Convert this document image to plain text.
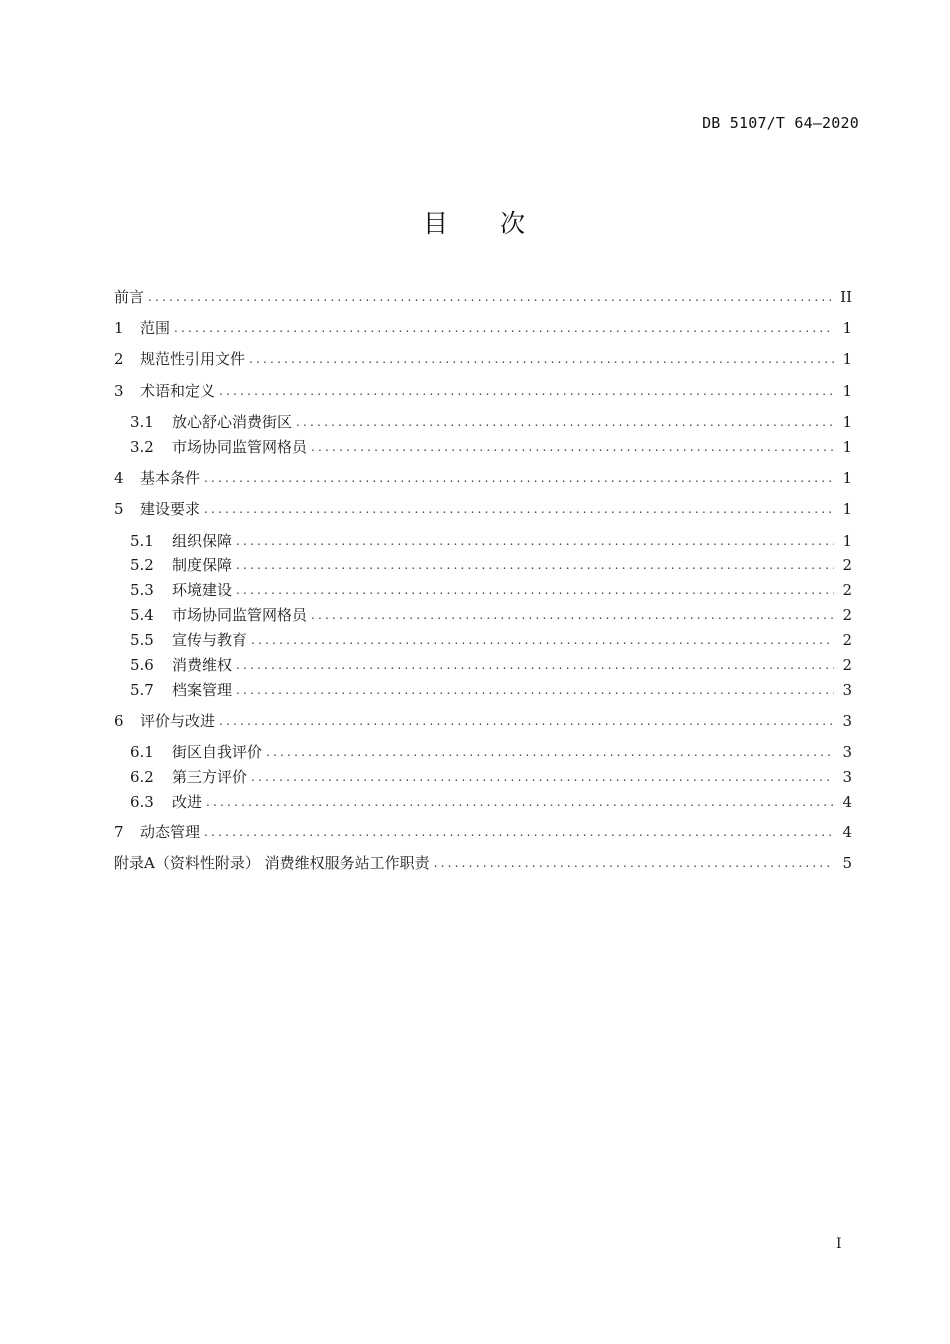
DB 5107/T 64—2020
目 次
前言 .....	II
1	范围 .....	1
2	规范性引用文件 .....	1
3	术语和定义 .....	1
3.1	放心舒心消费街区 .....	1
3.2	市场协同监管网格员 .....	1
4	基本条件 .....	1
5	建设要求 .....	1
5.1	组织保障 .....	1
5.2	制度保障 .....	2
5.3	环境建设 .....	2
5.4	市场协同监管网格员 .....	2
5.5	宣传与教育 .....	2
5.6	消费维权 .....	2
5.7	档案管理 .....	3
6	评价与改进 .....	3
6.1	街区自我评价 .....	3
6.2	第三方评价 .....	3
6.3	改进 .....	4
7	动态管理 .....	4
附录A（资料性附录） 消费维权服务站工作职责 .....	5
I
